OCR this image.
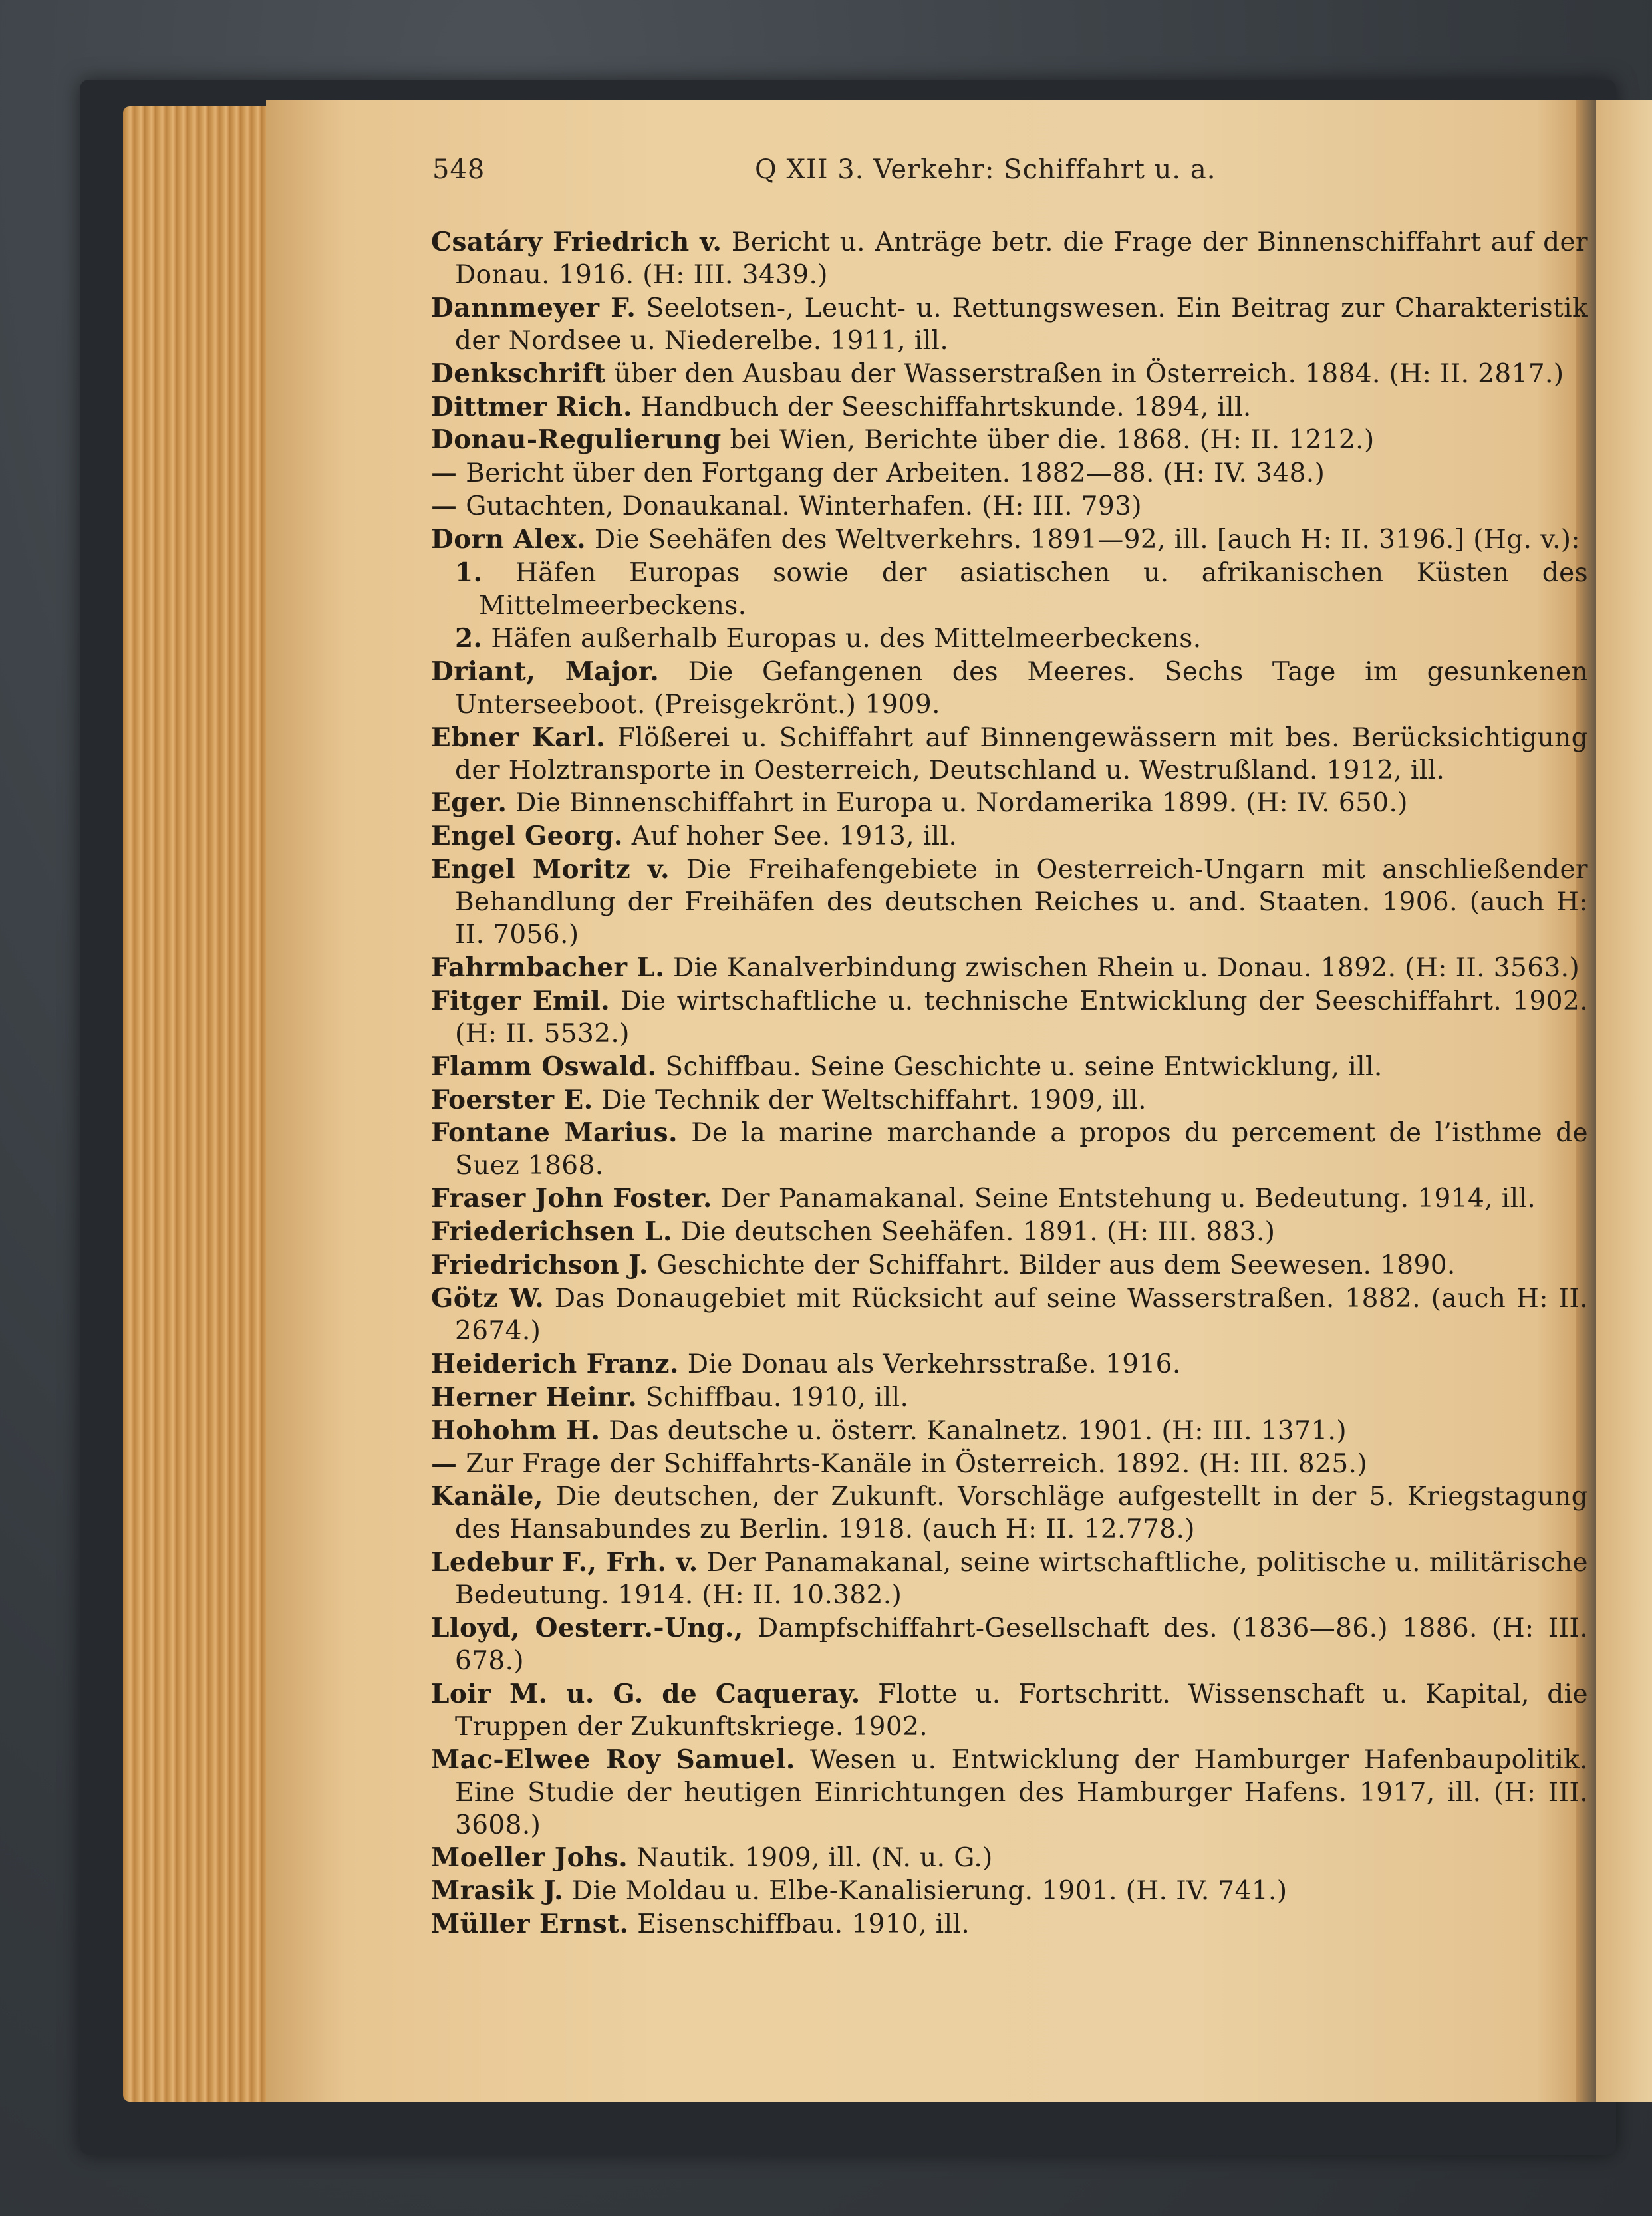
548	Q XII 3. Verkehr: Schiffahrt u. a.

Csatáry Friedrich v. Bericht u. Anträge betr. die Frage der Binnenschiffahrt auf der Donau. 1916. (H: III. 3439.)

Dannmeyer F. Seelotsen-, Leucht- u. Rettungswesen. Ein Beitrag zur Charakteristik der Nordsee u. Niederelbe. 1911, ill.

Denkschrift über den Ausbau der Wasserstraßen in Österreich. 1884. (H: II. 2817.)

Dittmer Rich. Handbuch der Seeschiffahrtskunde. 1894, ill.

Donau-Regulierung bei Wien, Berichte über die. 1868. (H: II. 1212.)

— Bericht über den Fortgang der Arbeiten. 1882—88. (H: IV. 348.)

— Gutachten, Donaukanal. Winterhafen. (H: III. 793)

Dorn Alex. Die Seehäfen des Weltverkehrs. 1891—92, ill. [auch H: II. 3196.] (Hg. v.):

1. Häfen Europas sowie der asiatischen u. afrikanischen Küsten des Mittelmeerbeckens.

2. Häfen außerhalb Europas u. des Mittelmeerbeckens.

Driant, Major. Die Gefangenen des Meeres. Sechs Tage im gesunkenen Unterseeboot. (Preisgekrönt.) 1909.

Ebner Karl. Flößerei u. Schiffahrt auf Binnengewässern mit bes. Berücksichtigung der Holztransporte in Oesterreich, Deutschland u. Westrußland. 1912, ill.

Eger. Die Binnenschiffahrt in Europa u. Nordamerika 1899. (H: IV. 650.)

Engel Georg. Auf hoher See. 1913, ill.

Engel Moritz v. Die Freihafengebiete in Oesterreich-Ungarn mit anschließender Behandlung der Freihäfen des deutschen Reiches u. and. Staaten. 1906. (auch H: II. 7056.)

Fahrmbacher L. Die Kanalverbindung zwischen Rhein u. Donau. 1892. (H: II. 3563.)

Fitger Emil. Die wirtschaftliche u. technische Entwicklung der Seeschiffahrt. 1902. (H: II. 5532.)

Flamm Oswald. Schiffbau. Seine Geschichte u. seine Entwicklung, ill.

Foerster E. Die Technik der Weltschiffahrt. 1909, ill.

Fontane Marius. De la marine marchande a propos du percement de l’isthme de Suez 1868.

Fraser John Foster. Der Panamakanal. Seine Entstehung u. Bedeutung. 1914, ill.

Friederichsen L. Die deutschen Seehäfen. 1891. (H: III. 883.)

Friedrichson J. Geschichte der Schiffahrt. Bilder aus dem Seewesen. 1890.

Götz W. Das Donaugebiet mit Rücksicht auf seine Wasserstraßen. 1882. (auch H: II. 2674.)

Heiderich Franz. Die Donau als Verkehrsstraße. 1916.

Herner Heinr. Schiffbau. 1910, ill.

Hohohm H. Das deutsche u. österr. Kanalnetz. 1901. (H: III. 1371.)

— Zur Frage der Schiffahrts-Kanäle in Österreich. 1892. (H: III. 825.)

Kanäle, Die deutschen, der Zukunft. Vorschläge aufgestellt in der 5. Kriegstagung des Hansabundes zu Berlin. 1918. (auch H: II. 12.778.)

Ledebur F., Frh. v. Der Panamakanal, seine wirtschaftliche, politische u. militärische Bedeutung. 1914. (H: II. 10.382.)

Lloyd, Oesterr.-Ung., Dampfschiffahrt-Gesellschaft des. (1836—86.) 1886. (H: III. 678.)

Loir M. u. G. de Caqueray. Flotte u. Fortschritt. Wissenschaft u. Kapital, die Truppen der Zukunftskriege. 1902.

Mac-Elwee Roy Samuel. Wesen u. Entwicklung der Hamburger Hafenbaupolitik. Eine Studie der heutigen Einrichtungen des Hamburger Hafens. 1917, ill. (H: III. 3608.)

Moeller Johs. Nautik. 1909, ill. (N. u. G.)

Mrasik J. Die Moldau u. Elbe-Kanalisierung. 1901. (H. IV. 741.)

Müller Ernst. Eisenschiffbau. 1910, ill.
